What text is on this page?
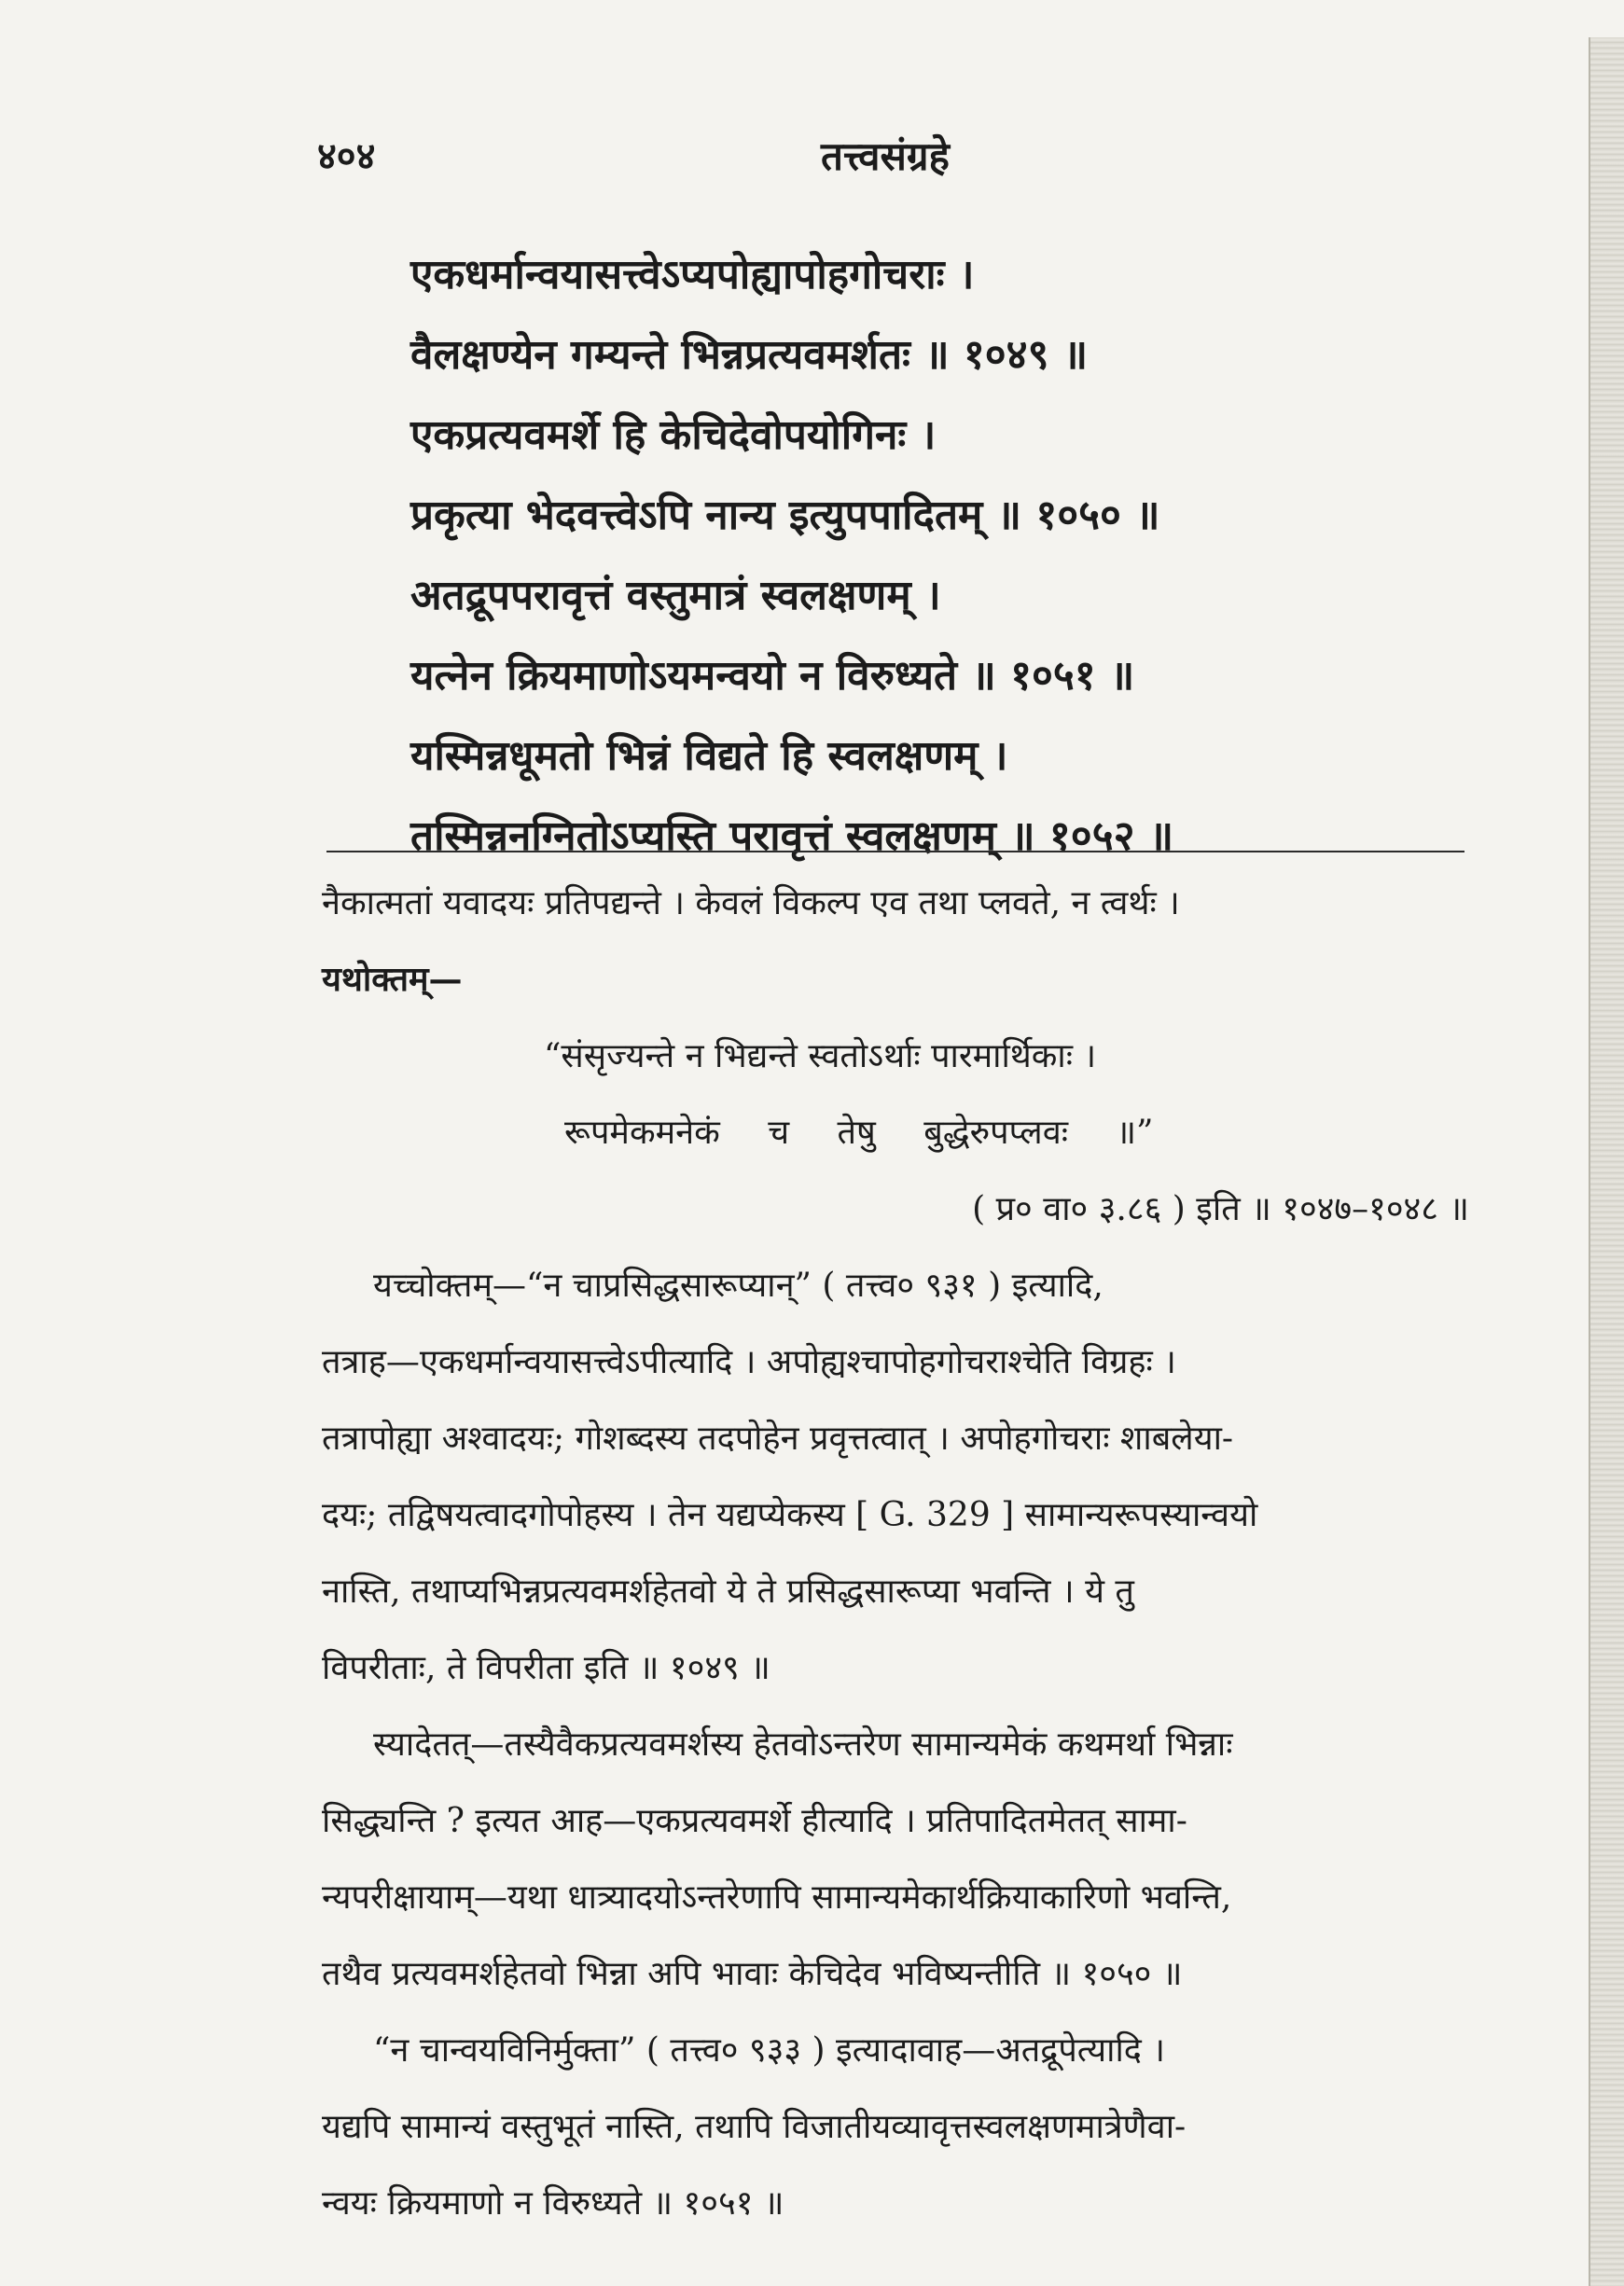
४०४	तत्त्वसंग्रहे
एकधर्मान्वयासत्त्वेऽप्यपोह्यापोहगोचराः ।
वैलक्षण्येन गम्यन्ते भिन्नप्रत्यवमर्शतः ॥ १०४९ ॥
एकप्रत्यवमर्शे हि केचिदेवोपयोगिनः ।
प्रकृत्या भेदवत्त्वेऽपि नान्य इत्युपपादितम् ॥ १०५० ॥
अतद्रूपपरावृत्तं वस्तुमात्रं स्वलक्षणम् ।
यत्नेन क्रियमाणोऽयमन्वयो न विरुध्यते ॥ १०५१ ॥
यस्मिन्नधूमतो भिन्नं विद्यते हि स्वलक्षणम् ।
तस्मिन्ननग्नितोऽप्यस्ति परावृत्तं स्वलक्षणम् ॥ १०५२ ॥
नैकात्मतां यवादयः प्रतिपद्यन्ते । केवलं विकल्प एव तथा प्लवते, न त्वर्थः ।
यथोक्तम्—
“संसृज्यन्ते न भिद्यन्ते स्वतोऽर्थाः पारमार्थिकाः ।
रूपमेकमनेकं च तेषु बुद्धेरुपप्लवः ॥”
( प्र० वा० ३.८६ ) इति ॥ १०४७–१०४८ ॥
यच्चोक्तम्—“न चाप्रसिद्धसारूप्यान्” ( तत्त्व० ९३१ ) इत्यादि,
तत्राह—एकधर्मान्वयासत्त्वेऽपीत्यादि । अपोह्यश्चापोहगोचराश्चेति विग्रहः ।
तत्रापोह्या अश्वादयः; गोशब्दस्य तदपोहेन प्रवृत्तत्वात् । अपोहगोचराः शाबलेया-
दयः; तद्विषयत्वादगोपोहस्य । तेन यद्यप्येकस्य [ G. 329 ] सामान्यरूपस्यान्वयो
नास्ति, तथाप्यभिन्नप्रत्यवमर्शहेतवो ये ते प्रसिद्धसारूप्या भवन्ति । ये तु
विपरीताः, ते विपरीता इति ॥ १०४९ ॥
स्यादेतत्—तस्यैवैकप्रत्यवमर्शस्य हेतवोऽन्तरेण सामान्यमेकं कथमर्था भिन्नाः
सिद्ध्यन्ति ? इत्यत आह—एकप्रत्यवमर्शे हीत्यादि । प्रतिपादितमेतत् सामा-
न्यपरीक्षायाम्—यथा धात्र्यादयोऽन्तरेणापि सामान्यमेकार्थक्रियाकारिणो भवन्ति,
तथैव प्रत्यवमर्शहेतवो भिन्ना अपि भावाः केचिदेव भविष्यन्तीति ॥ १०५० ॥
“न चान्वयविनिर्मुक्ता” ( तत्त्व० ९३३ ) इत्यादावाह—अतद्रूपेत्यादि ।
यद्यपि सामान्यं वस्तुभूतं नास्ति, तथापि विजातीयव्यावृत्तस्वलक्षणमात्रेणैवा-
न्वयः क्रियमाणो न विरुध्यते ॥ १०५१ ॥
